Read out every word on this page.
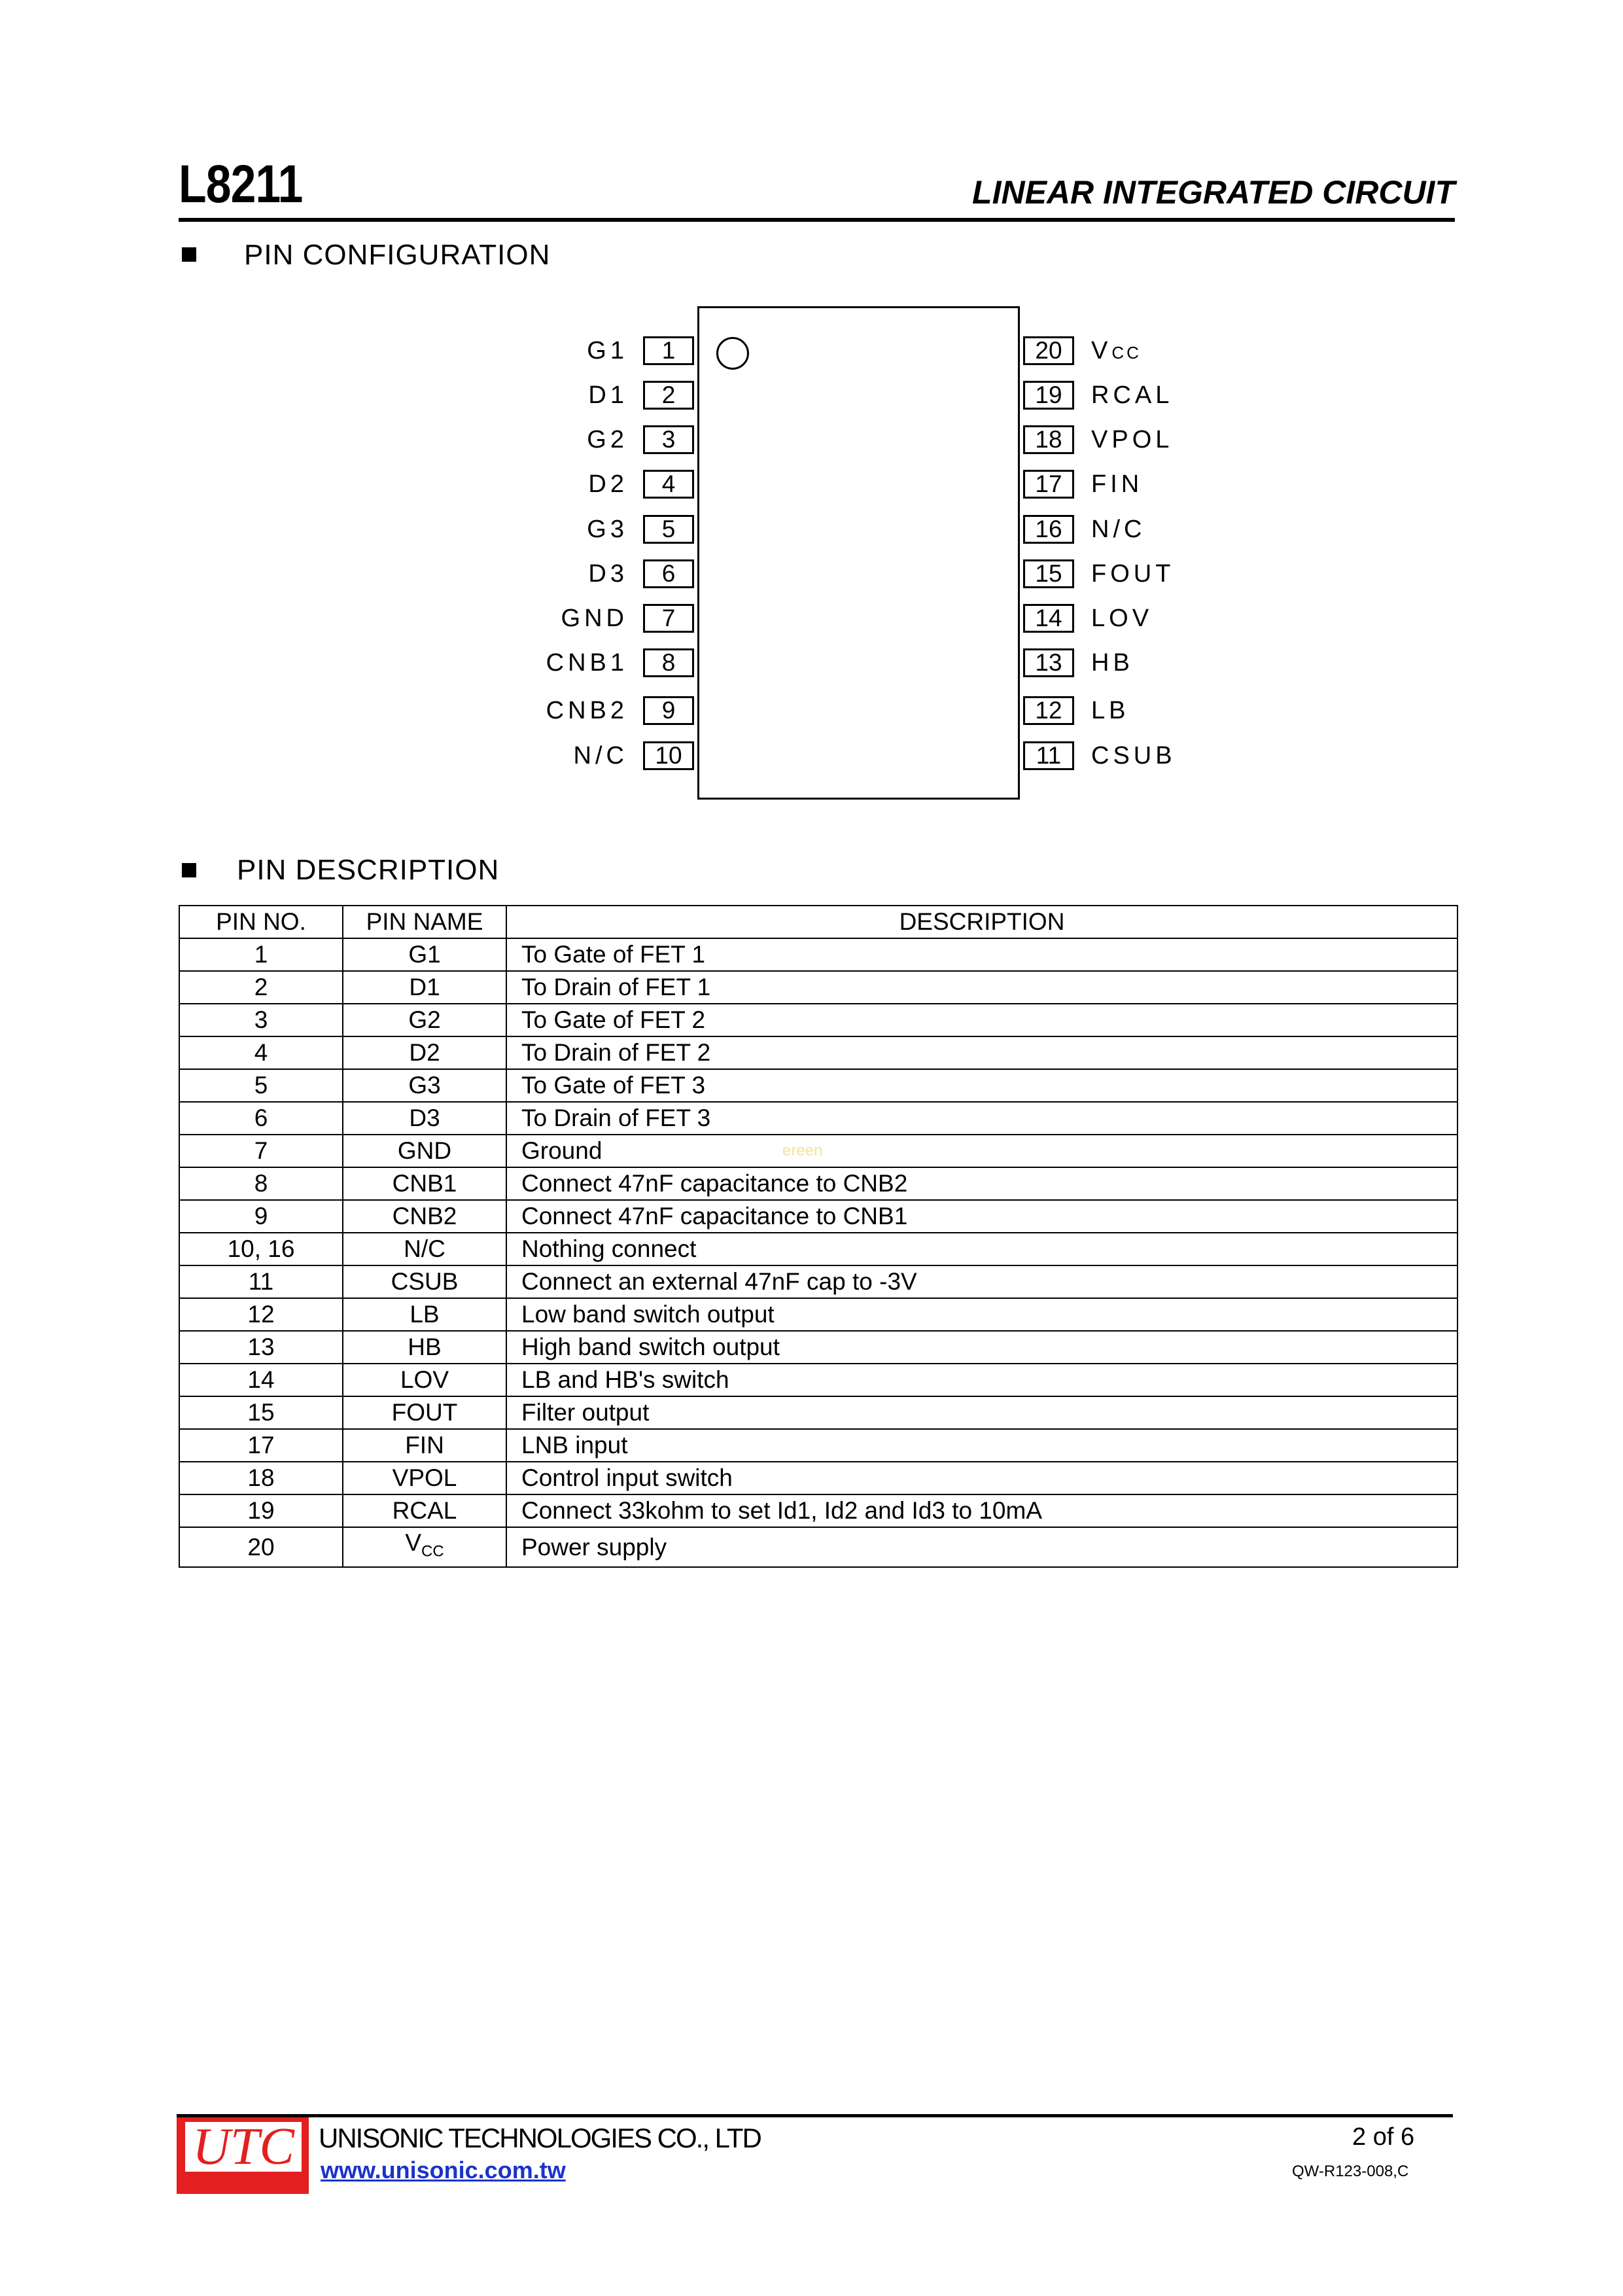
L8211	LINEAR INTEGRATED CIRCUIT
PIN CONFIGURATION
1
G1
2
D1
3
G2
4
D2
5
G3
6
D3
7
GND
8
CNB1
9
CNB2
10
N/C
20	VCC
19	RCAL
18	VPOL
17	FIN
16	N/C
15	FOUT
14	LOV
13	HB
12	LB
11	CSUB
PIN DESCRIPTION
PIN NO.	PIN NAME	DESCRIPTION
1	G1	To Gate of FET 1
2	D1	To Drain of FET 1
3	G2	To Gate of FET 2
4	D2	To Drain of FET 2
5	G3	To Gate of FET 3
6	D3	To Drain of FET 3
7	GND	Ground
8	CNB1	Connect 47nF capacitance to CNB2
9	CNB2	Connect 47nF capacitance to CNB1
10, 16	N/C	Nothing connect
11	CSUB	Connect an external 47nF cap to -3V
12	LB	Low band switch output
13	HB	High band switch output
14	LOV	LB and HB's switch
15	FOUT	Filter output
17	FIN	LNB input
18	VPOL	Control input switch
19	RCAL	Connect 33kohm to set Id1, Id2 and Id3 to 10mA
20	$V_{CC}$	Power supply
ereen
UTC UNISONIC TECHNOLOGIES CO., LTD
www.unisonic.com.tw
2 of 6
QW-R123-008,C
